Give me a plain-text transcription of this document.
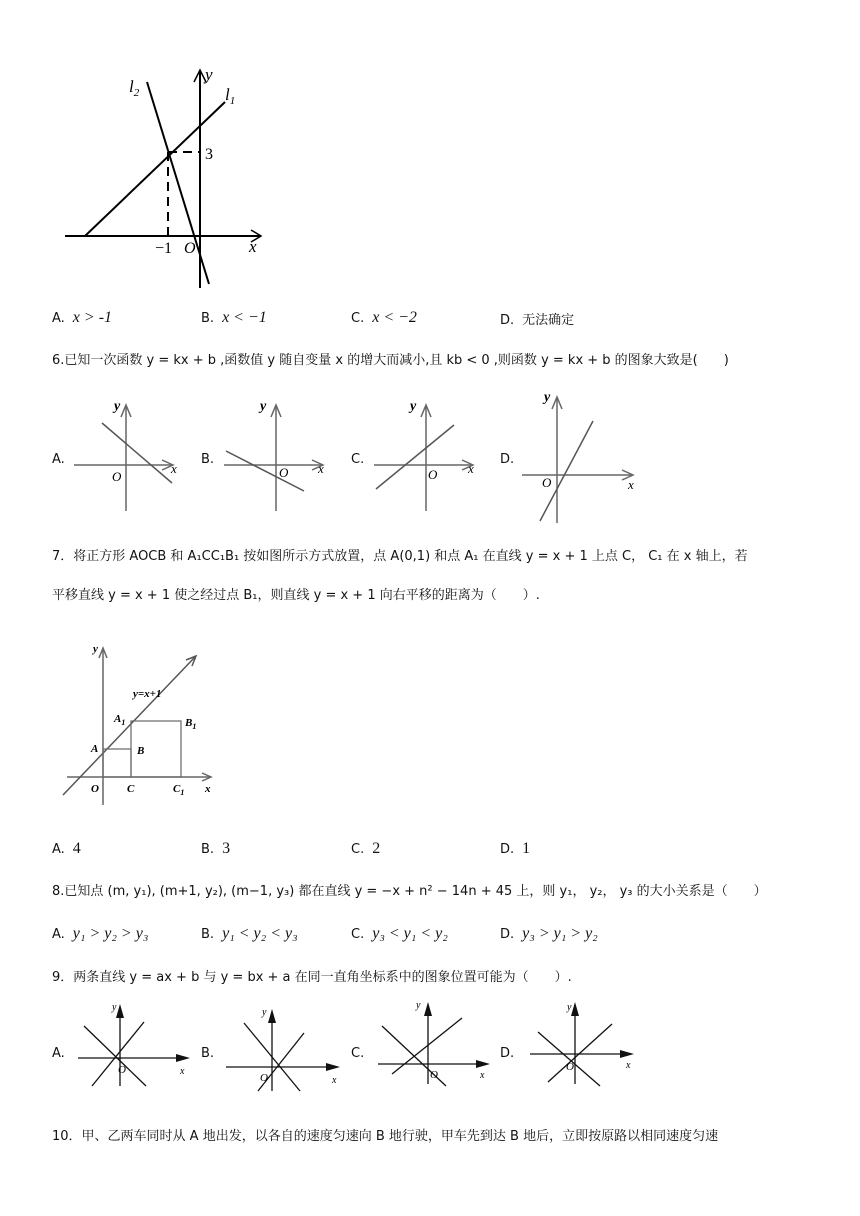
$l_2$
y
$l_1$
3
−1 O	x
A. x > -1	B. x < −1	C. x < −2	D. 无法确定
6.已知一次函数 y = kx + b ,函数值 y 随自变量 x 的增大而减小,且 kb < 0 ,则函数 y = kx + b 的图象大致是(　　)
A.
y
x
O
B.
y
x
O
C.
y
x
O
D.
y
x
O
7．将正方形 AOCB 和 A₁CC₁B₁ 按如图所示方式放置，点 A(0,1) 和点 A₁ 在直线 y = x + 1 上点 C， C₁ 在 x 轴上，若
平移直线 y = x + 1 使之经过点 B₁，则直线 y = x + 1 向右平移的距离为（　　）.
y
y=x+1
$A_1$	$B_1$
A	B
O	C	$C_1$ x
A. 4	B. 3	C. 2	D. 1
8.已知点 (m, y₁), (m+1, y₂), (m−1, y₃) 都在直线 y = −x + n² − 14n + 45 上，则 y₁， y₂， y₃ 的大小关系是（　　）
A. y₁ > y₂ > y₃	B. y₁ < y₂ < y₃	C. y₃ < y₁ < y₂	D. y₃ > y₁ > y₂
9．两条直线 y = ax + b 与 y = bx + a 在同一直角坐标系中的图象位置可能为（　　）.
A.
y
x
O
B.
y
x
O
C.
y
x
O
D.
y
x
O
10．甲、乙两车同时从 A 地出发，以各自的速度匀速向 B 地行驶，甲车先到达 B 地后，立即按原路以相同速度匀速
